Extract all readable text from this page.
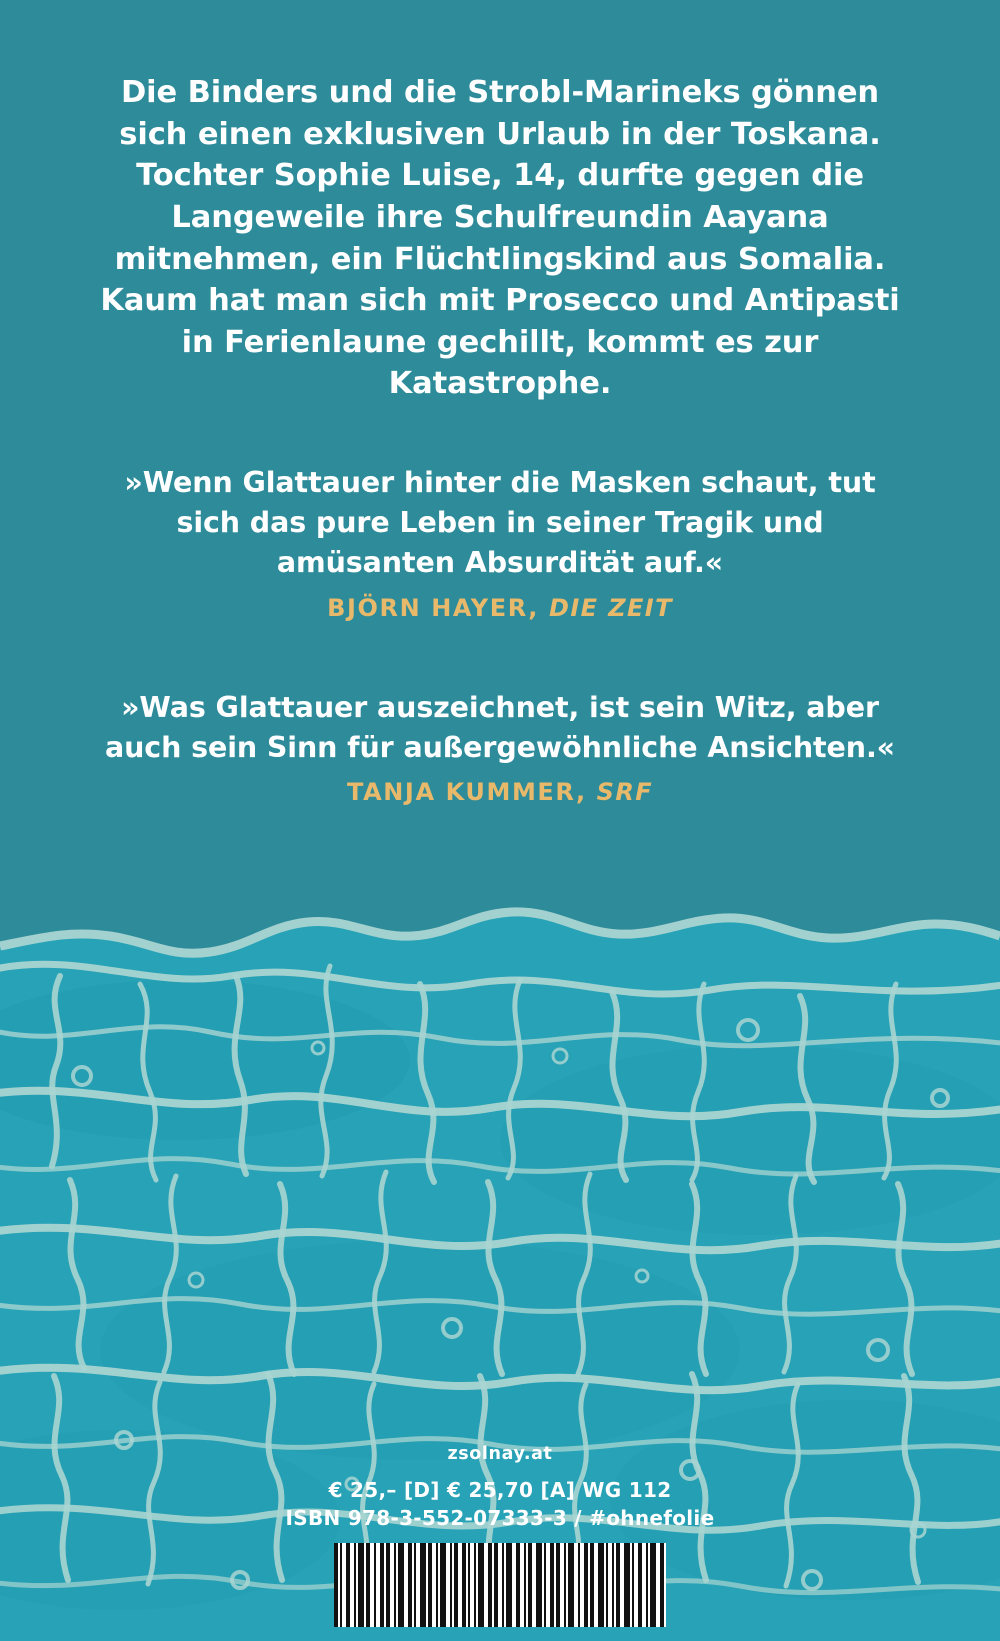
Die Binders und die Strobl-Marineks gönnen sich einen exklusiven Urlaub in der Toskana. Tochter Sophie Luise, 14, durfte gegen die Langeweile ihre Schulfreundin Aayana mitnehmen, ein Flüchtlingskind aus Somalia. Kaum hat man sich mit Prosecco und Antipasti in Ferienlaune gechillt, kommt es zur Katastrophe.

»Wenn Glattauer hinter die Masken schaut, tut sich das pure Leben in seiner Tragik und amüsanten Absurdität auf.«

BJÖRN HAYER, DIE ZEIT

»Was Glattauer auszeichnet, ist sein Witz, aber auch sein Sinn für außergewöhnliche Ansichten.«

TANJA KUMMER, SRF
zsolnay.at
€ 25,– [D] € 25,70 [A] WG 112
ISBN 978-3-552-07333-3 / #ohnefolie
